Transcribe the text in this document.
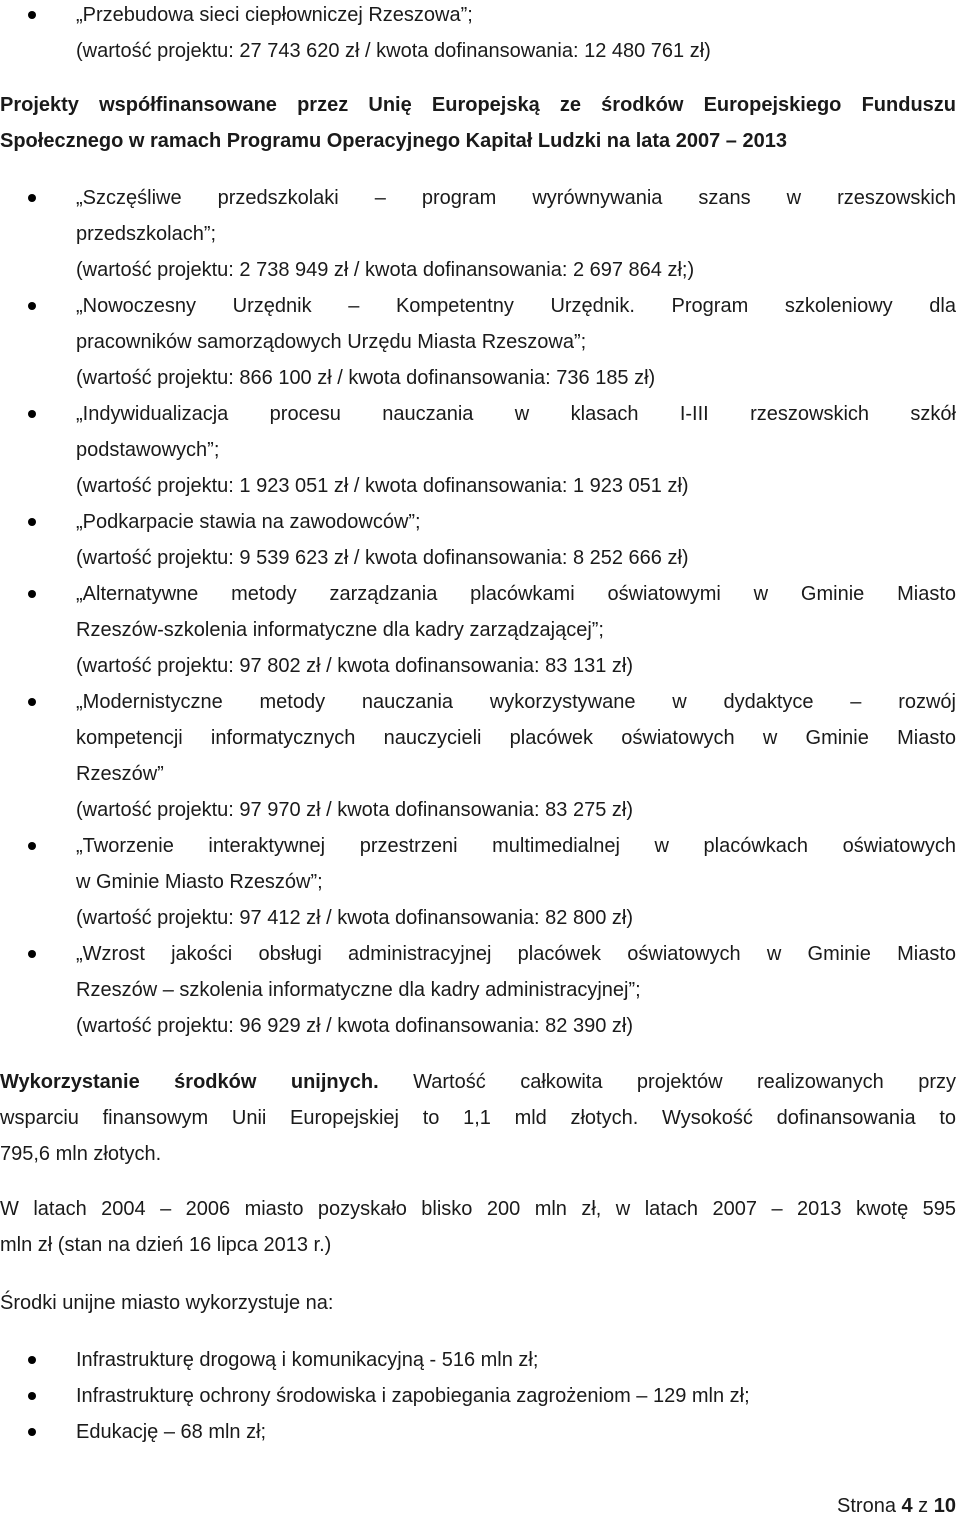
„Przebudowa sieci ciepłowniczej Rzeszowa”;
(wartość projektu: 27 743 620 zł / kwota dofinansowania: 12 480 761 zł)
Projekty współfinansowane przez Unię Europejską ze środków Europejskiego Funduszu
Społecznego w ramach Programu Operacyjnego Kapitał Ludzki na lata 2007 – 2013
„Szczęśliwe przedszkolaki – program wyrównywania szans w rzeszowskich
przedszkolach”;
(wartość projektu: 2 738 949 zł / kwota dofinansowania: 2 697 864 zł;)
„Nowoczesny Urzędnik – Kompetentny Urzędnik. Program szkoleniowy dla
pracowników samorządowych Urzędu Miasta Rzeszowa”;
(wartość projektu: 866 100 zł / kwota dofinansowania: 736 185 zł)
„Indywidualizacja procesu nauczania w klasach I-III rzeszowskich szkół
podstawowych”;
(wartość projektu: 1 923 051 zł / kwota dofinansowania: 1 923 051 zł)
„Podkarpacie stawia na zawodowców”;
(wartość projektu: 9 539 623 zł / kwota dofinansowania: 8 252 666 zł)
„Alternatywne metody zarządzania placówkami oświatowymi w Gminie Miasto
Rzeszów-szkolenia informatyczne dla kadry zarządzającej”;
(wartość projektu: 97 802 zł / kwota dofinansowania: 83 131 zł)
„Modernistyczne metody nauczania wykorzystywane w dydaktyce – rozwój
kompetencji informatycznych nauczycieli placówek oświatowych w Gminie Miasto
Rzeszów”
(wartość projektu: 97 970 zł / kwota dofinansowania: 83 275 zł)
„Tworzenie interaktywnej przestrzeni multimedialnej w placówkach oświatowych
w Gminie Miasto Rzeszów”;
(wartość projektu: 97 412 zł / kwota dofinansowania: 82 800 zł)
„Wzrost jakości obsługi administracyjnej placówek oświatowych w Gminie Miasto
Rzeszów – szkolenia informatyczne dla kadry administracyjnej”;
(wartość projektu: 96 929 zł / kwota dofinansowania: 82 390 zł)
Wykorzystanie środków unijnych. Wartość całkowita projektów realizowanych przy
wsparciu finansowym Unii Europejskiej to 1,1 mld złotych. Wysokość dofinansowania to
795,6 mln złotych.
W latach 2004 – 2006 miasto pozyskało blisko 200 mln zł, w latach 2007 – 2013 kwotę 595
mln zł (stan na dzień 16 lipca 2013 r.)
Środki unijne miasto wykorzystuje na:
Infrastrukturę drogową i komunikacyjną - 516 mln zł;
Infrastrukturę ochrony środowiska i zapobiegania zagrożeniom – 129 mln zł;
Edukację – 68 mln zł;
Strona 4 z 10
